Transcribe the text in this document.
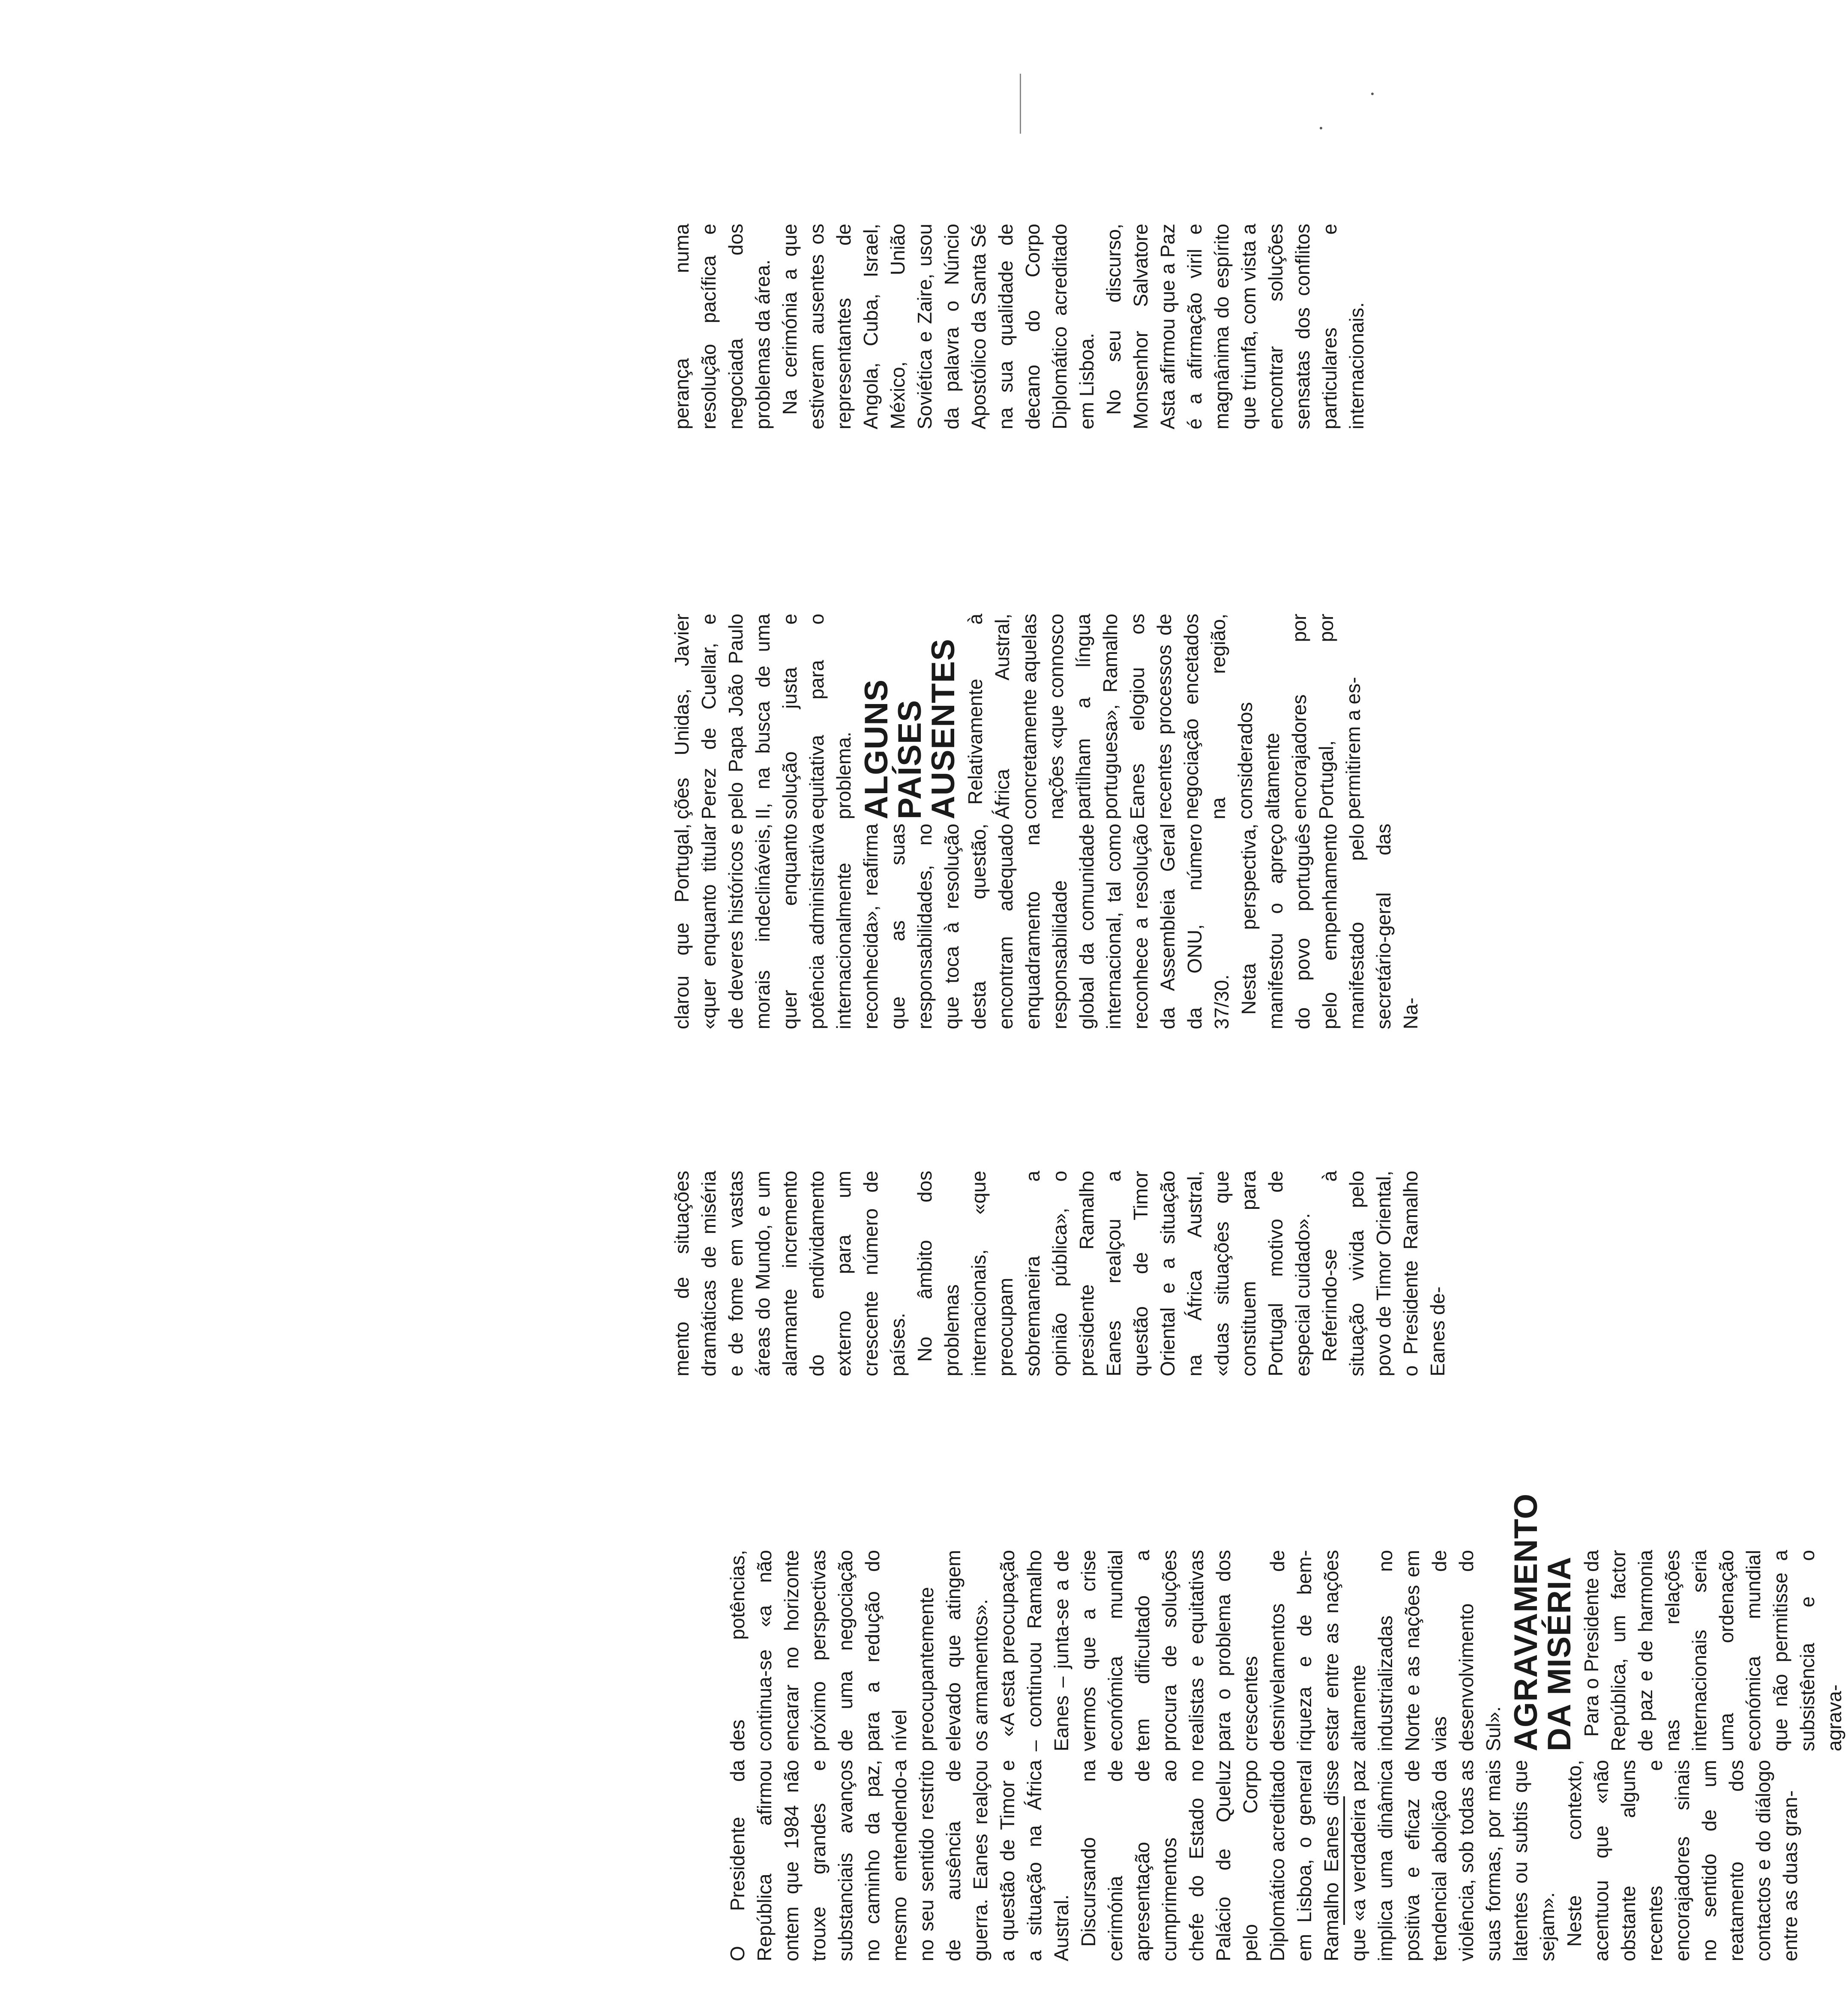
O Presidente da República afirmou ontem que 1984 não trouxe grandes e substanciais avanços no caminho da paz, mesmo entendendo-a no seu sentido restrito de ausência de guerra. Eanes realçou a questão de Timor e a situação na África Austral. Discursando na cerimónia de apresentação de cumprimentos ao chefe do Estado no Palácio de Queluz pelo Corpo Diplomático acreditado em Lisboa, o general Ramalho Eanes disse que «a verdadeira paz implica uma dinâmica positiva e eficaz de tendencial abolição da violência, sob todas as suas formas, por mais latentes ou subtis que sejam». Neste contexto, acentuou que «não obstante alguns recentes e encorajadores sinais no sentido de um reatamento dos contactos e do diálogo entre as duas gran-

des potências, continua-se «a não encarar no horizonte próximo perspectivas de uma negociação para a redução do nível preocupantemente elevado que atingem os armamentos». «A esta preocupação – continuou Ramalho Eanes – junta-se a de vermos que a crise económica mundial tem dificultado a procura de soluções realistas e equitativas para o problema dos crescentes desnivelamentos de riqueza e de bem-estar entre as nações altamente industrializadas no Norte e as nações em vias de desenvolvimento do Sul». AGRAVAMENTO DA MISÉRIA Para o Presidente da República, um factor de paz e de harmonia nas relações internacionais seria uma ordenação económica mundial que não permitisse a subsistência e o agrava-

mento de situações dramáticas de miséria e de fome em vastas áreas do Mundo, e um alarmante incremento do endividamento externo para um crescente número de países. No âmbito dos problemas internacionais, «que preocupam sobremaneira a opinião pública», o presidente Ramalho Eanes realçou a questão de Timor Oriental e a situação na África Austral, «duas situações que constituem para Portugal motivo de especial cuidado». Referindo-se à situação vivida pelo povo de Timor Oriental, o Presidente Ramalho Eanes de-

clarou que Portugal, «quer enquanto titular de deveres históricos e morais indeclináveis, quer enquanto potência administrativa internacionalmente reconhecida», reafirma que as suas responsabilidades, no que toca à resolução desta questão, encontram adequado enquadramento na responsabilidade global da comunidade internacional, tal como reconhece a resolução da Assembleia Geral da ONU, número 37/30. Nesta perspectiva, manifestou o apreço do povo português pelo empenhamento manifestado pelo secretário-geral das Na-

ções Unidas, Javier Perez de Cuellar, e pelo Papa João Paulo II, na busca de uma solução justa e equitativa para o problema. ALGUNS PAÍSES AUSENTES Relativamente à África Austral, concretamente aquelas nações «que connosco partilham a língua portuguesa», Ramalho Eanes elogiou os recentes processos de negociação encetados na região, considerados altamente encorajadores por Portugal, por permitirem a es-

perança numa resolução pacífica e negociada dos problemas da área. Na cerimónia a que estiveram ausentes os representantes de Angola, Cuba, Israel, México, União Soviética e Zaire, usou da palavra o Núncio Apostólico da Santa Sé na sua qualidade de decano do Corpo Diplomático acreditado em Lisboa. No seu discurso, Monsenhor Salvatore Asta afirmou que a Paz é a afirmação viril e magnânima do espírito que triunfa, com vista a encontrar soluções sensatas dos conflitos particulares e internacionais.
